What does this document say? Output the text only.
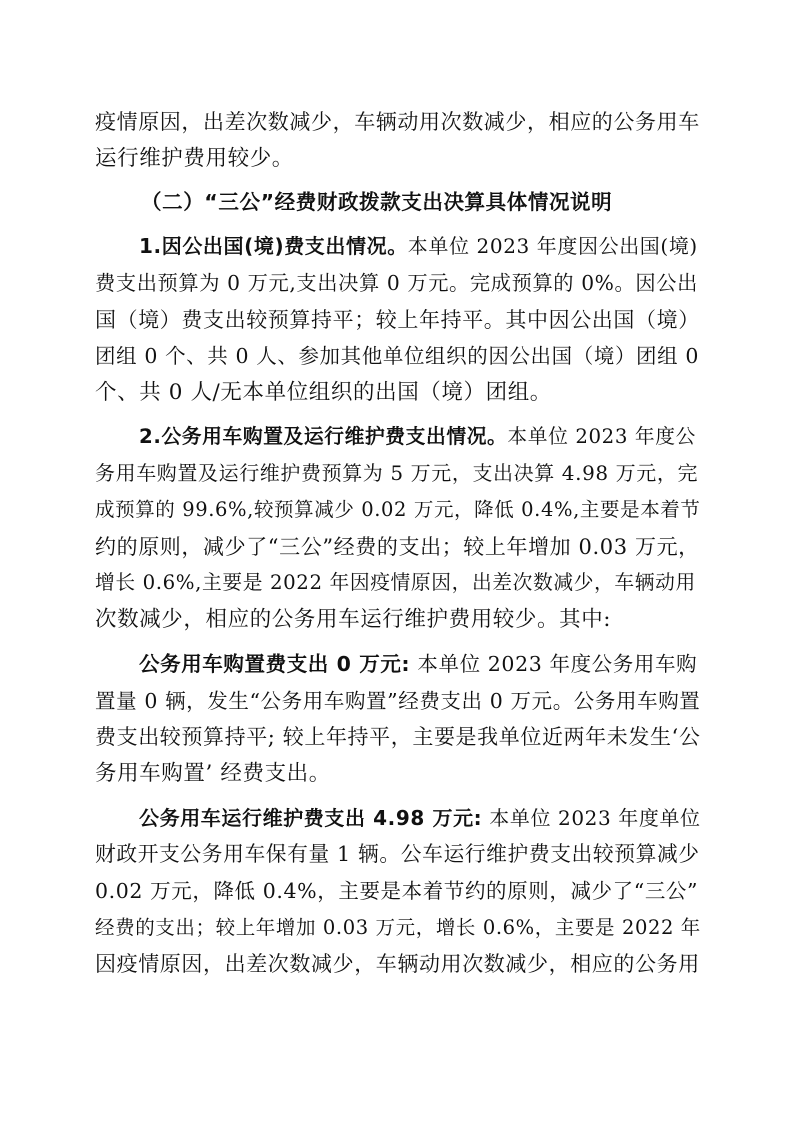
疫情原因，出差次数减少，车辆动用次数减少，相应的公务用车
运行维护费用较少。
（二）“三公”经费财政拨款支出决算具体情况说明
1.因公出国(境)费支出情况。本单位 2023 年度因公出国(境)
费支出预算为 0 万元,支出决算 0 万元。完成预算的 0%。因公出
国（境）费支出较预算持平；较上年持平。其中因公出国（境）
团组 0 个、共 0 人、参加其他单位组织的因公出国（境）团组 0
个、共 0 人/无本单位组织的出国（境）团组。
2.公务用车购置及运行维护费支出情况。本单位 2023 年度公
务用车购置及运行维护费预算为 5 万元，支出决算 4.98 万元，完
成预算的 99.6%,较预算减少 0.02 万元，降低 0.4%,主要是本着节
约的原则，减少了“三公”经费的支出；较上年增加 0.03 万元，
增长 0.6%,主要是 2022 年因疫情原因，出差次数减少，车辆动用
次数减少，相应的公务用车运行维护费用较少。其中:
公务用车购置费支出 0 万元: 本单位 2023 年度公务用车购
置量 0 辆，发生“公务用车购置”经费支出 0 万元。公务用车购置
费支出较预算持平; 较上年持平，主要是我单位近两年未发生‘公
务用车购置’ 经费支出。
公务用车运行维护费支出 4.98 万元: 本单位 2023 年度单位
财政开支公务用车保有量 1 辆。公车运行维护费支出较预算减少
0.02 万元，降低 0.4%，主要是本着节约的原则，减少了“三公”
经费的支出；较上年增加 0.03 万元，增长 0.6%，主要是 2022 年
因疫情原因，出差次数减少，车辆动用次数减少，相应的公务用
